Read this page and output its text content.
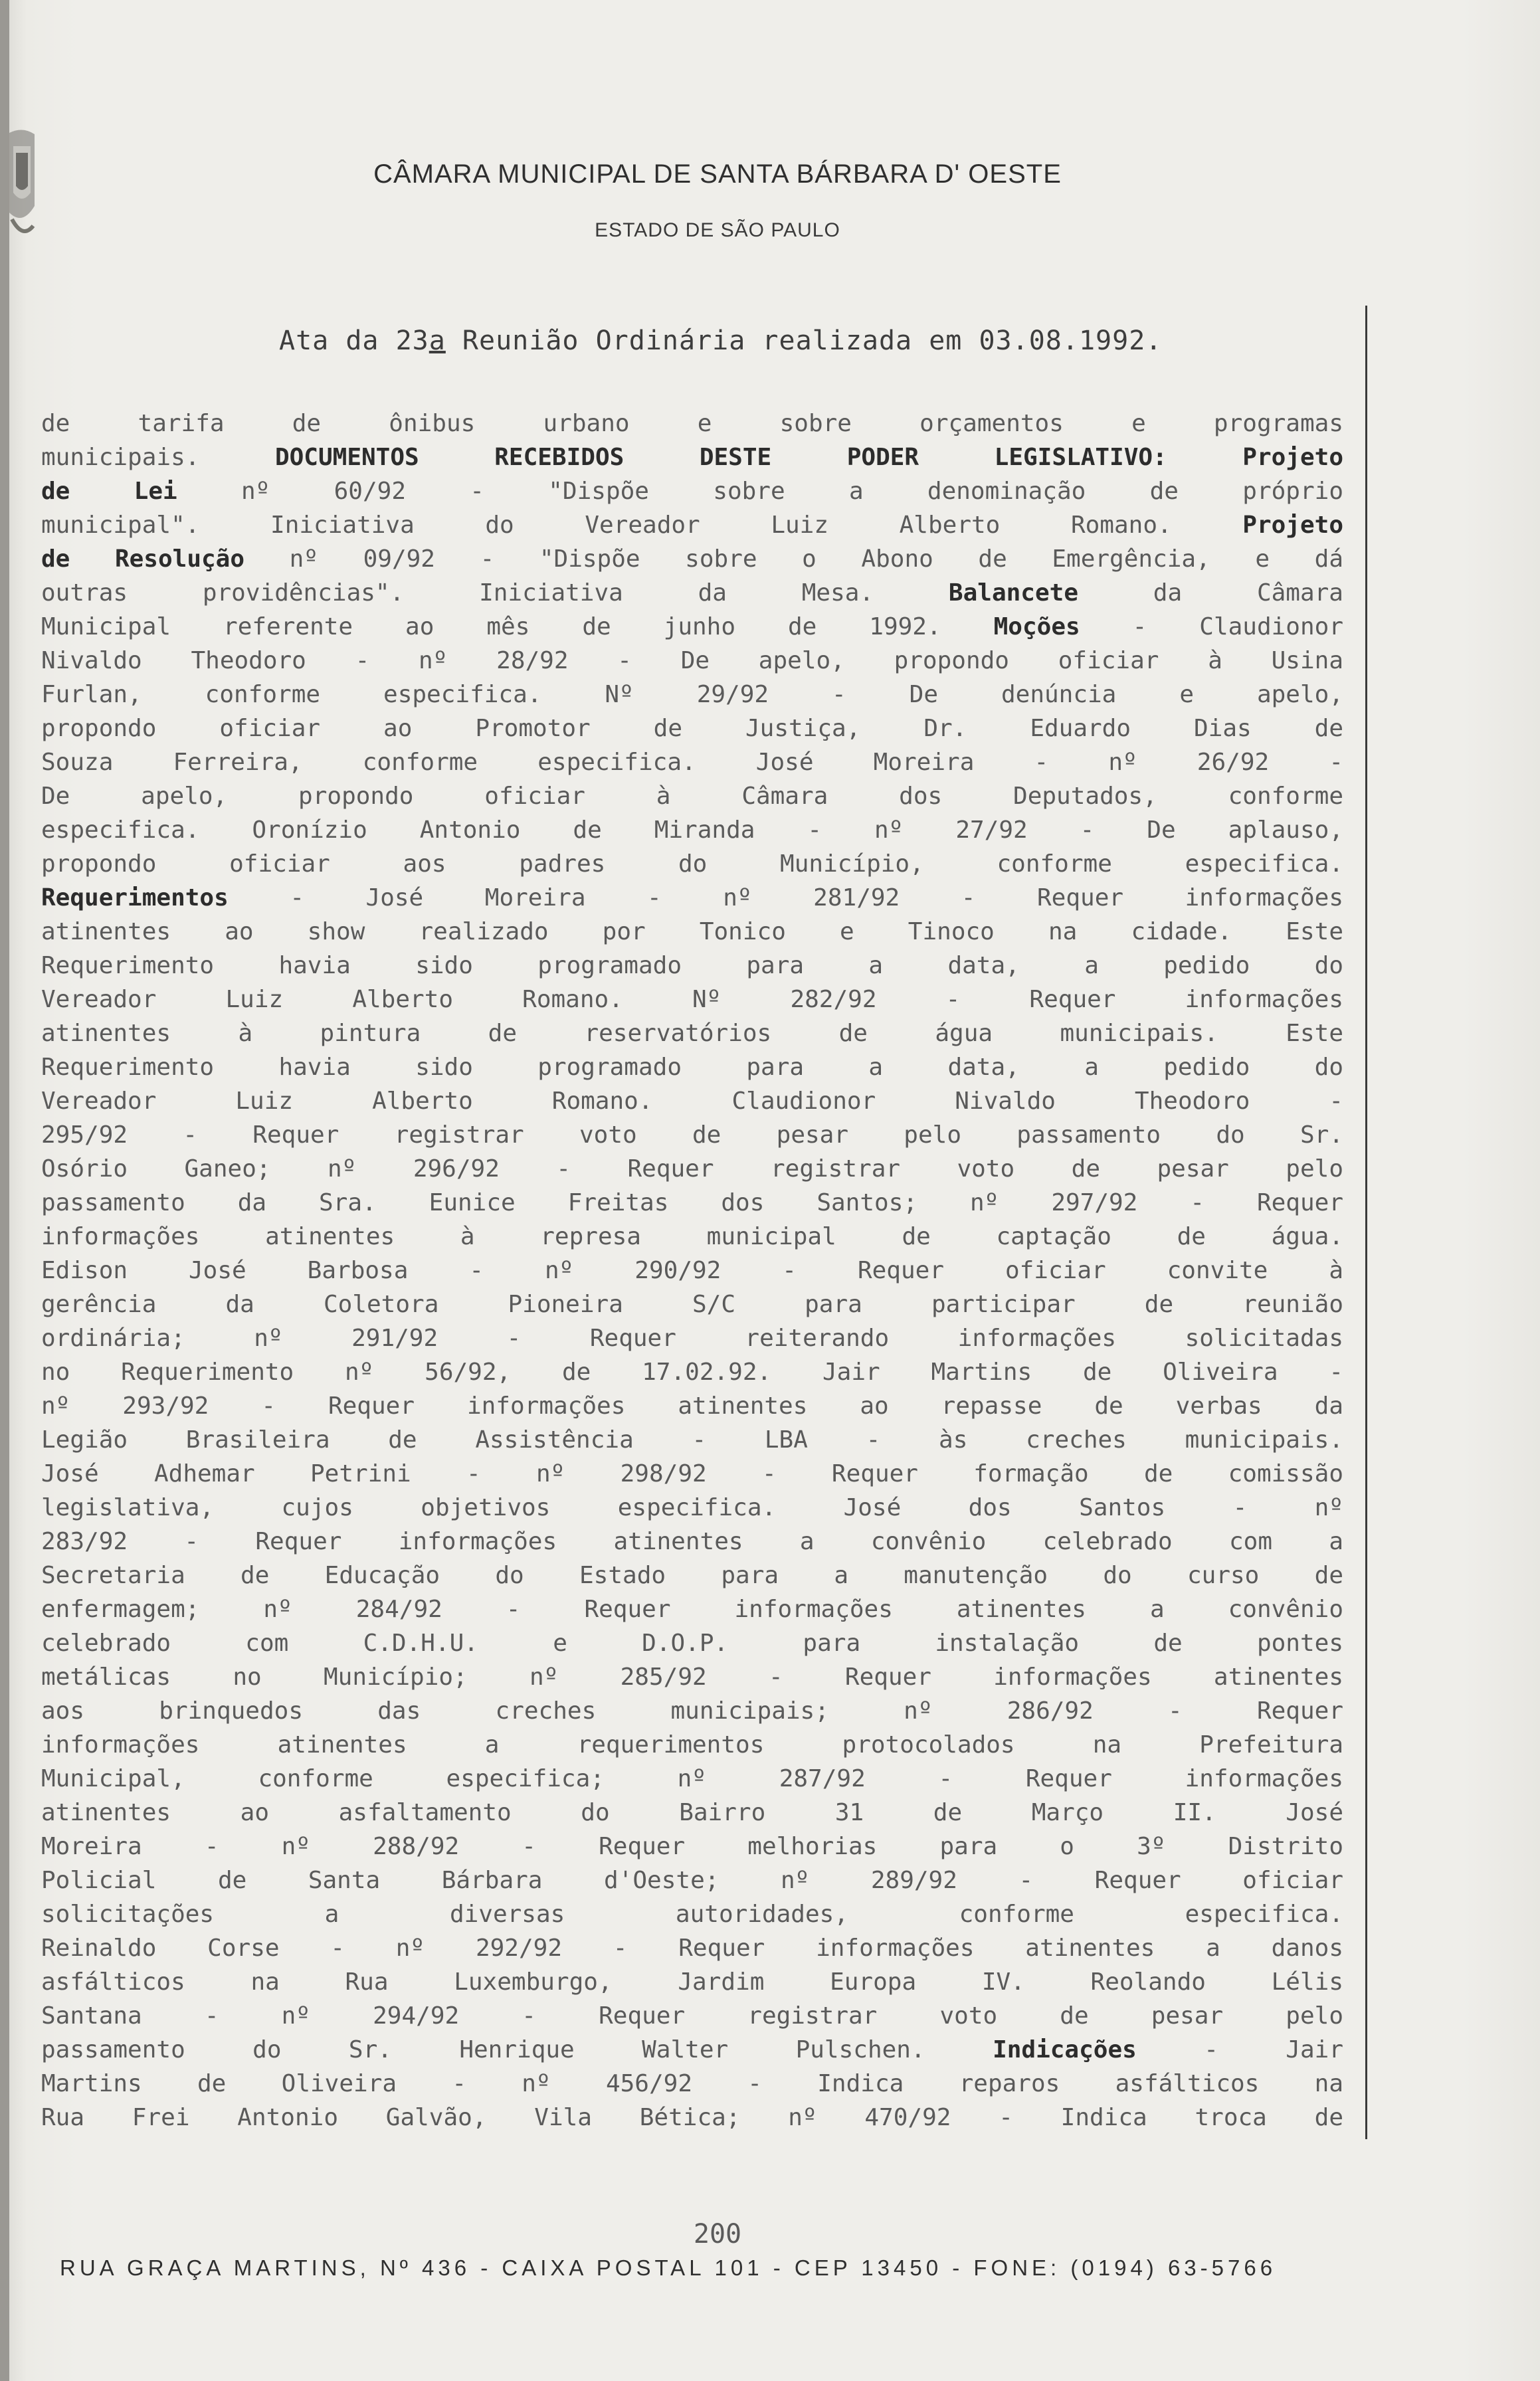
CÂMARA MUNICIPAL DE SANTA BÁRBARA D' OESTE
ESTADO DE SÃO PAULO
Ata da 23a Reunião Ordinária realizada em 03.08.1992.
de tarifa de ônibus urbano e sobre orçamentos e programas
municipais. DOCUMENTOS RECEBIDOS DESTE PODER LEGISLATIVO: Projeto
de Lei nº 60/92 - "Dispõe sobre a denominação de próprio
municipal". Iniciativa do Vereador Luiz Alberto Romano. Projeto
de Resolução nº 09/92 - "Dispõe sobre o Abono de Emergência, e dá
outras providências". Iniciativa da Mesa. Balancete da Câmara
Municipal referente ao mês de junho de 1992. Moções - Claudionor
Nivaldo Theodoro - nº 28/92 - De apelo, propondo oficiar à Usina
Furlan, conforme especifica. Nº 29/92 - De denúncia e apelo,
propondo oficiar ao Promotor de Justiça, Dr. Eduardo Dias de
Souza Ferreira, conforme especifica. José Moreira - nº 26/92 -
De apelo, propondo oficiar à Câmara dos Deputados, conforme
especifica. Oronízio Antonio de Miranda - nº 27/92 - De aplauso,
propondo oficiar aos padres do Município, conforme especifica.
Requerimentos - José Moreira - nº 281/92 - Requer informações
atinentes ao show realizado por Tonico e Tinoco na cidade. Este
Requerimento havia sido programado para a data, a pedido do
Vereador Luiz Alberto Romano. Nº 282/92 - Requer informações
atinentes à pintura de reservatórios de água municipais. Este
Requerimento havia sido programado para a data, a pedido do
Vereador Luiz Alberto Romano. Claudionor Nivaldo Theodoro -
295/92 - Requer registrar voto de pesar pelo passamento do Sr.
Osório Ganeo; nº 296/92 - Requer registrar voto de pesar pelo
passamento da Sra. Eunice Freitas dos Santos; nº 297/92 - Requer
informações atinentes à represa municipal de captação de água.
Edison José Barbosa - nº 290/92 - Requer oficiar convite à
gerência da Coletora Pioneira S/C para participar de reunião
ordinária; nº 291/92 - Requer reiterando informações solicitadas
no Requerimento nº 56/92, de 17.02.92. Jair Martins de Oliveira -
nº 293/92 - Requer informações atinentes ao repasse de verbas da
Legião Brasileira de Assistência - LBA - às creches municipais.
José Adhemar Petrini - nº 298/92 - Requer formação de comissão
legislativa, cujos objetivos especifica. José dos Santos - nº
283/92 - Requer informações atinentes a convênio celebrado com a
Secretaria de Educação do Estado para a manutenção do curso de
enfermagem; nº 284/92 - Requer informações atinentes a convênio
celebrado com C.D.H.U. e D.O.P. para instalação de pontes
metálicas no Município; nº 285/92 - Requer informações atinentes
aos brinquedos das creches municipais; nº 286/92 - Requer
informações atinentes a requerimentos protocolados na Prefeitura
Municipal, conforme especifica; nº 287/92 - Requer informações
atinentes ao asfaltamento do Bairro 31 de Março II. José
Moreira - nº 288/92 - Requer melhorias para o 3º Distrito
Policial de Santa Bárbara d'Oeste; nº 289/92 - Requer oficiar
solicitações a diversas autoridades, conforme especifica.
Reinaldo Corse - nº 292/92 - Requer informações atinentes a danos
asfálticos na Rua Luxemburgo, Jardim Europa IV. Reolando Lélis
Santana - nº 294/92 - Requer registrar voto de pesar pelo
passamento do Sr. Henrique Walter Pulschen. Indicações - Jair
Martins de Oliveira - nº 456/92 - Indica reparos asfálticos na
Rua Frei Antonio Galvão, Vila Bética; nº 470/92 - Indica troca de
200
RUA GRAÇA MARTINS, Nº 436 - CAIXA POSTAL 101 - CEP 13450 - FONE: (0194) 63-5766
